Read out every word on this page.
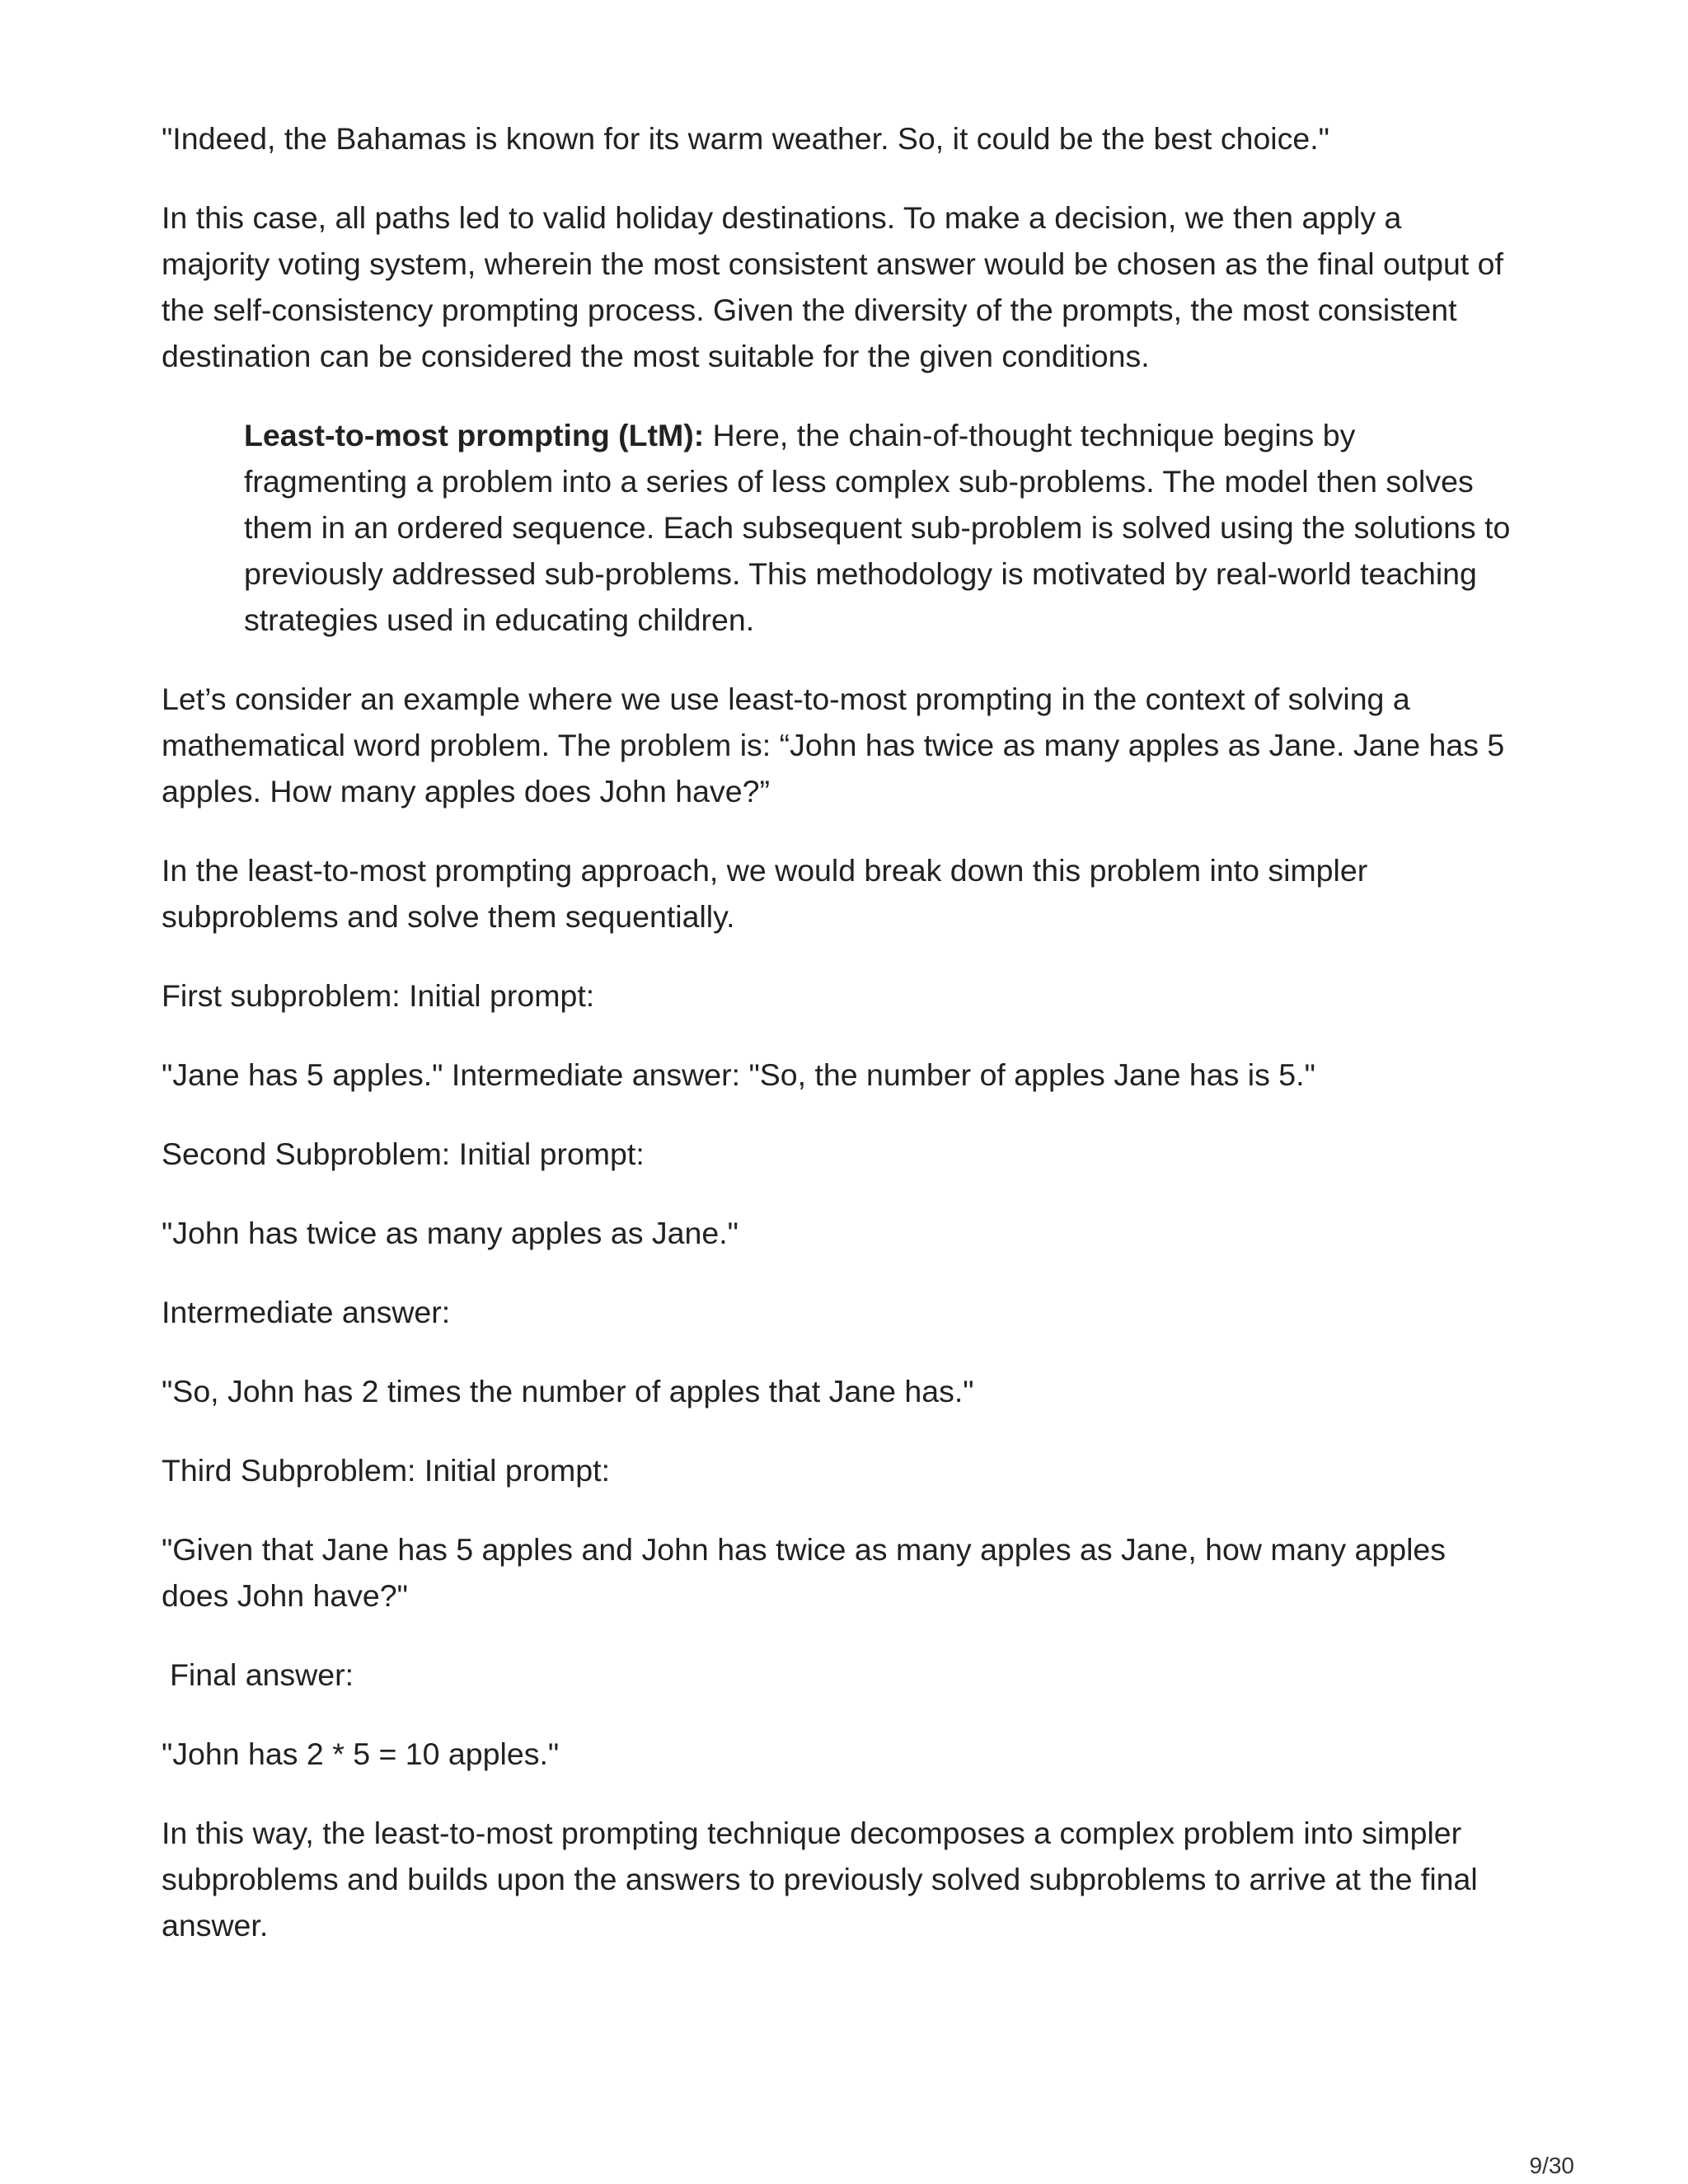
"Indeed, the Bahamas is known for its warm weather. So, it could be the best choice."

In this case, all paths led to valid holiday destinations. To make a decision, we then apply a majority voting system, wherein the most consistent answer would be chosen as the final output of the self-consistency prompting process. Given the diversity of the prompts, the most consistent destination can be considered the most suitable for the given conditions.

Least-to-most prompting (LtM): Here, the chain-of-thought technique begins by fragmenting a problem into a series of less complex sub-problems. The model then solves them in an ordered sequence. Each subsequent sub-problem is solved using the solutions to previously addressed sub-problems. This methodology is motivated by real-world teaching strategies used in educating children.

Let’s consider an example where we use least-to-most prompting in the context of solving a mathematical word problem. The problem is: “John has twice as many apples as Jane. Jane has 5 apples. How many apples does John have?”

In the least-to-most prompting approach, we would break down this problem into simpler subproblems and solve them sequentially.

First subproblem: Initial prompt:

"Jane has 5 apples." Intermediate answer: "So, the number of apples Jane has is 5."

Second Subproblem: Initial prompt:

"John has twice as many apples as Jane."

Intermediate answer:

"So, John has 2 times the number of apples that Jane has."

Third Subproblem: Initial prompt:

"Given that Jane has 5 apples and John has twice as many apples as Jane, how many apples does John have?"

Final answer:

"John has 2 * 5 = 10 apples."

In this way, the least-to-most prompting technique decomposes a complex problem into simpler subproblems and builds upon the answers to previously solved subproblems to arrive at the final answer.

9/30
